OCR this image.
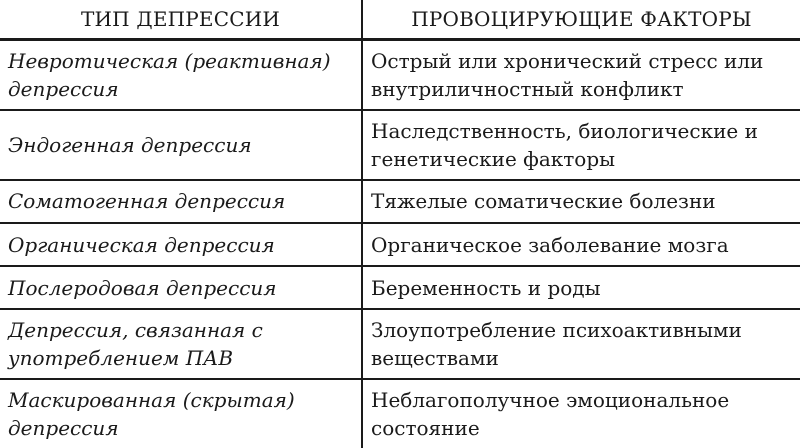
ТИП ДЕПРЕССИИ	ПРОВОЦИРУЮЩИЕ ФАКТОРЫ
Невротическая (реактивная) депрессия	Острый или хронический стресс или внутриличностный конфликт
Эндогенная депрессия	Наследственность, биологические и генетические факторы
Соматогенная депрессия	Тяжелые соматические болезни
Органическая депрессия	Органическое заболевание мозга
Послеродовая депрессия	Беременность и роды
Депрессия, связанная с употреблением ПАВ	Злоупотребление психоактивными веществами
Маскированная (скрытая) депрессия	Неблагополучное эмоциональное состояние
